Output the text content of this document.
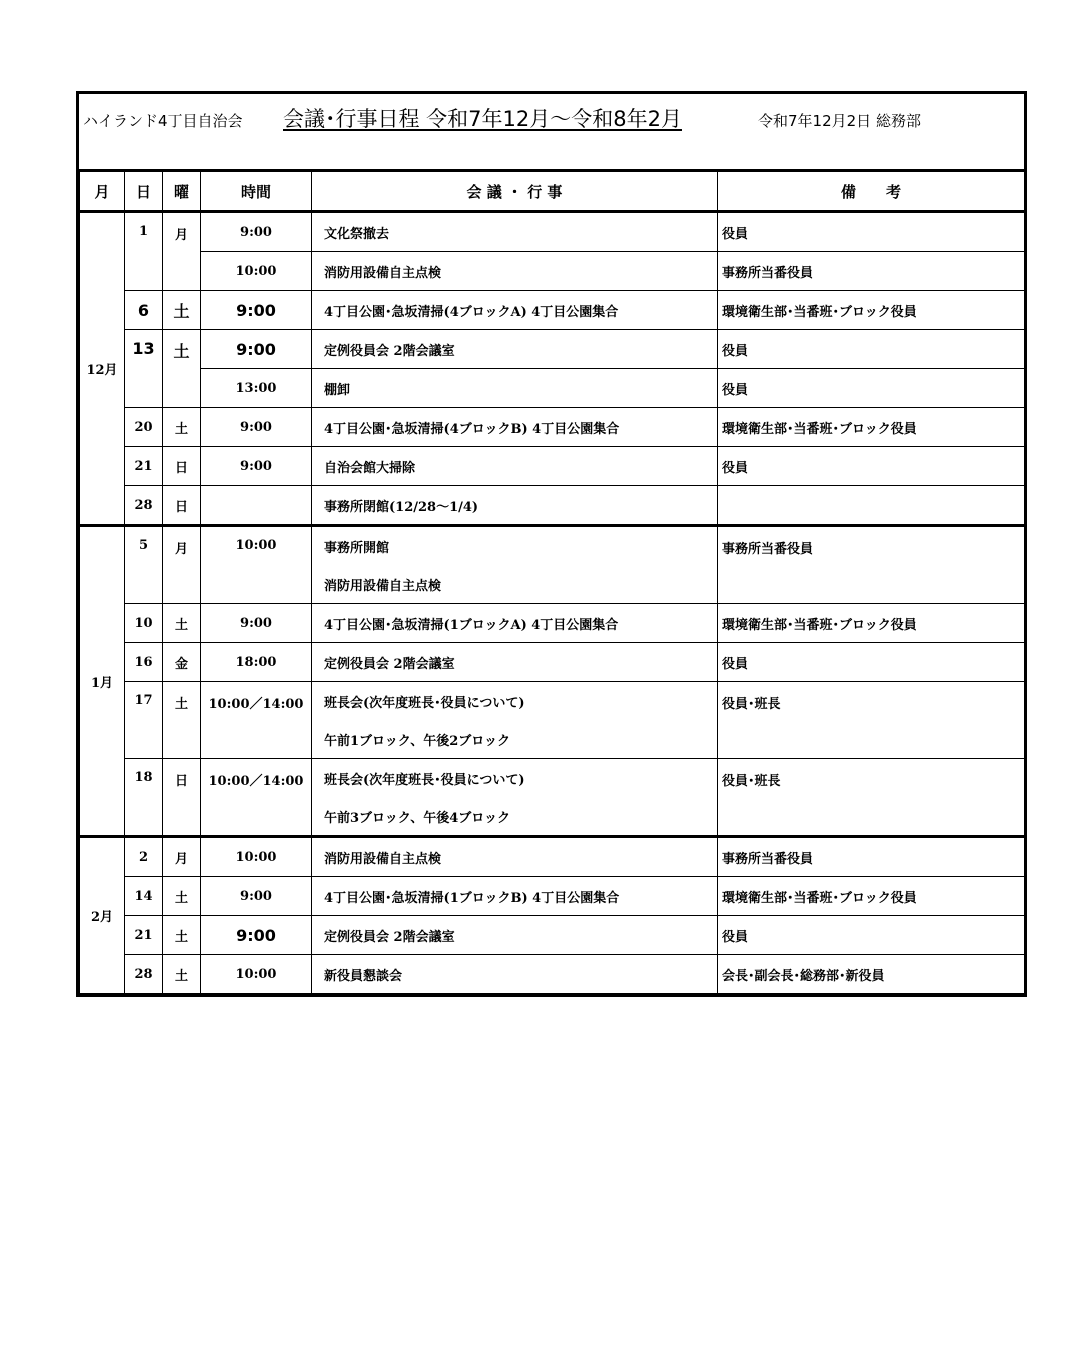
ハイランド4丁目自治会 会議･行事日程 令和7年12月～令和8年2月	令和7年12月2日 総務部
月	日	曜	時間	会 議 ・ 行 事	備　　考
12月	1	月	9:00	文化祭撤去	役員
			10:00	消防用設備自主点検	事務所当番役員
	6	土	9:00	4丁目公園･急坂清掃(4ブロックA) 4丁目公園集合	環境衛生部･当番班･ブロック役員
	13	土	9:00	定例役員会 2階会議室	役員
			13:00	棚卸	役員
	20	土	9:00	4丁目公園･急坂清掃(4ブロックB) 4丁目公園集合	環境衛生部･当番班･ブロック役員
	21	日	9:00	自治会館大掃除	役員
	28	日		事務所閉館(12/28～1/4)	
1月	5	月	10:00	事務所開館	事務所当番役員
				消防用設備自主点検	
	10	土	9:00	4丁目公園･急坂清掃(1ブロックA) 4丁目公園集合	環境衛生部･当番班･ブロック役員
	16	金	18:00	定例役員会 2階会議室	役員
	17	土	10:00／14:00	班長会(次年度班長･役員について)	役員･班長
				午前1ブロック、午後2ブロック	
	18	日	10:00／14:00	班長会(次年度班長･役員について)	役員･班長
				午前3ブロック、午後4ブロック	
2月	2	月	10:00	消防用設備自主点検	事務所当番役員
	14	土	9:00	4丁目公園･急坂清掃(1ブロックB) 4丁目公園集合	環境衛生部･当番班･ブロック役員
	21	土	9:00	定例役員会 2階会議室	役員
	28	土	10:00	新役員懇談会	会長･副会長･総務部･新役員
